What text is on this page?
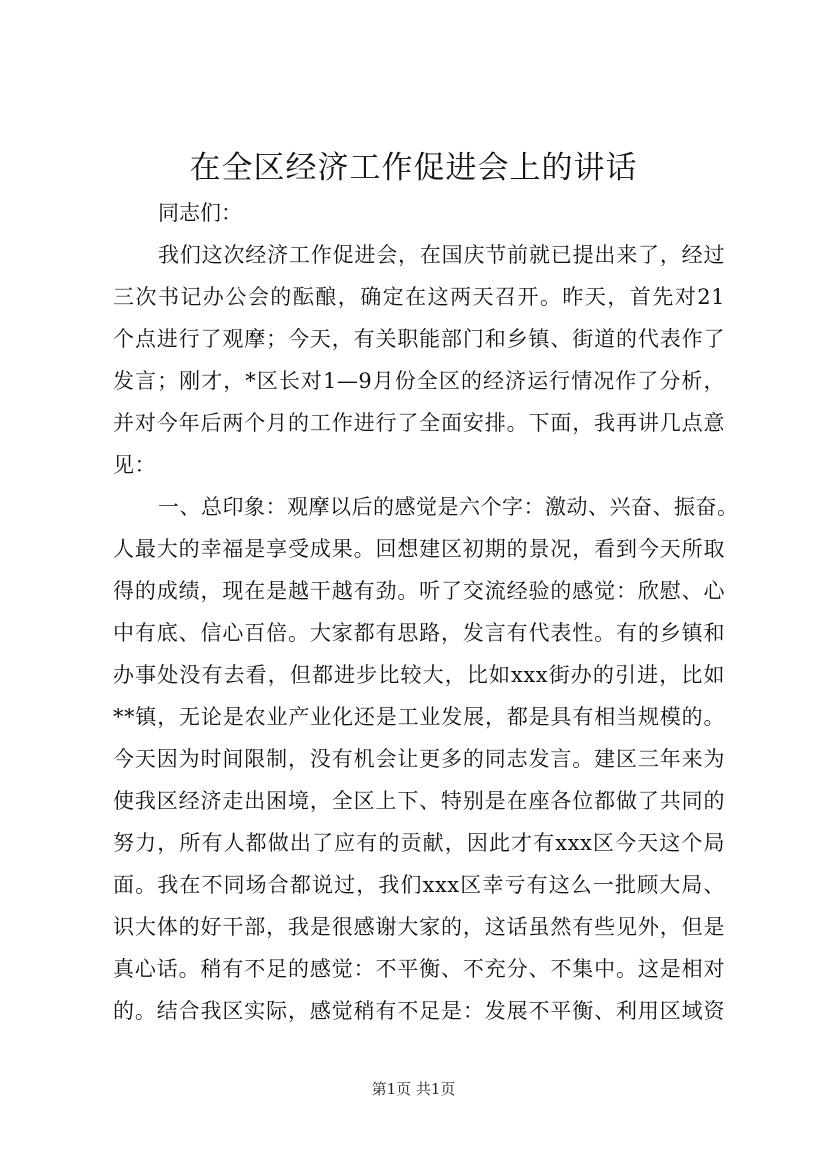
在全区经济工作促进会上的讲话
同志们：
我们这次经济工作促进会，在国庆节前就已提出来了，经过
三次书记办公会的酝酿，确定在这两天召开。昨天，首先对21
个点进行了观摩；今天，有关职能部门和乡镇、街道的代表作了
发言；刚才，*区长对1—9月份全区的经济运行情况作了分析，
并对今年后两个月的工作进行了全面安排。下面，我再讲几点意
见：
一、总印象：观摩以后的感觉是六个字：激动、兴奋、振奋。
人最大的幸福是享受成果。回想建区初期的景况，看到今天所取
得的成绩，现在是越干越有劲。听了交流经验的感觉：欣慰、心
中有底、信心百倍。大家都有思路，发言有代表性。有的乡镇和
办事处没有去看，但都进步比较大，比如xxx街办的引进，比如
**镇，无论是农业产业化还是工业发展，都是具有相当规模的。
今天因为时间限制，没有机会让更多的同志发言。建区三年来为
使我区经济走出困境，全区上下、特别是在座各位都做了共同的
努力，所有人都做出了应有的贡献，因此才有xxx区今天这个局
面。我在不同场合都说过，我们xxx区幸亏有这么一批顾大局、
识大体的好干部，我是很感谢大家的，这话虽然有些见外，但是
真心话。稍有不足的感觉：不平衡、不充分、不集中。这是相对
的。结合我区实际，感觉稍有不足是：发展不平衡、利用区域资
第1页 共1页
